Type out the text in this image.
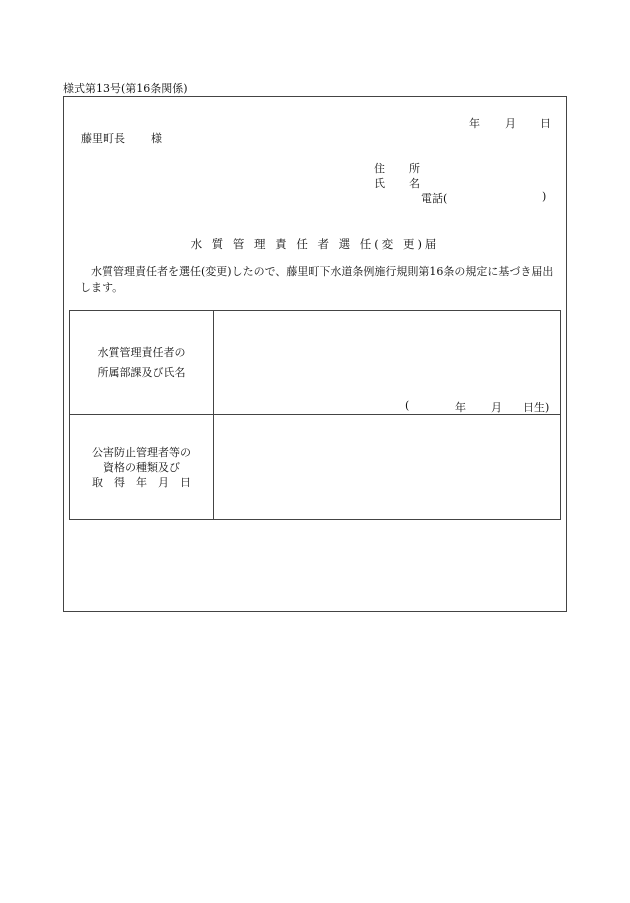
様式第13号(第16条関係)
年 月 日
藤里町長 様
住 所
氏 名
電話(	)
水 質 管 理 責 任 者 選 任(変 更)届
水質管理責任者を選任(変更)したので、藤里町下水道条例施行規則第16条の規定に基づき届出します。
水質管理責任者の
所属部課及び氏名
(	年 月 日生)
公害防止管理者等の
資格の種類及び
取　得　年　月　日
